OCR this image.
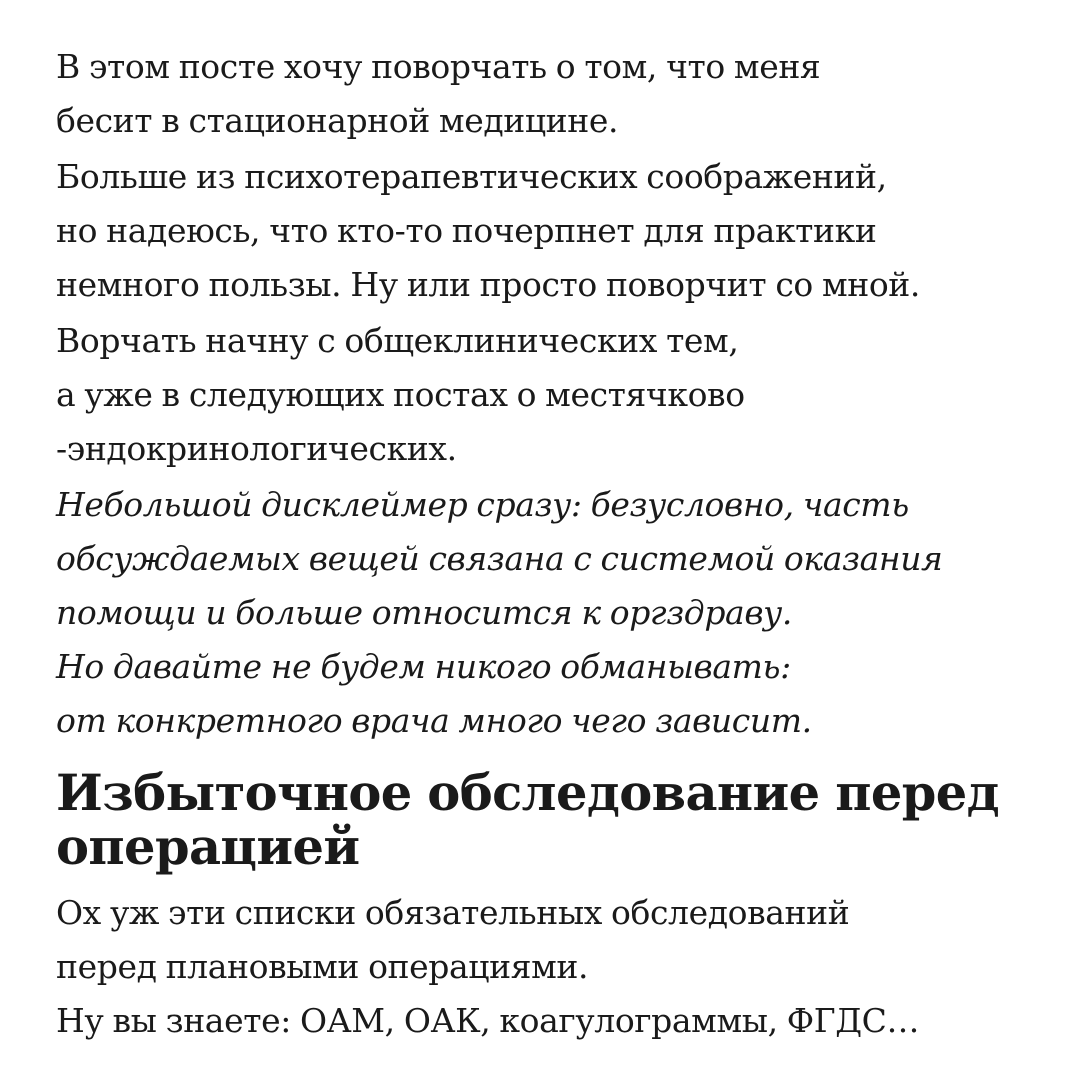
В этом посте хочу поворчать о том, что меня
бесит в стационарной медицине.

Больше из психотерапевтических соображений,
но надеюсь, что кто-то почерпнет для практики
немного пользы. Ну или просто поворчит со мной.

Ворчать начну с общеклинических тем,
а уже в следующих постах о местячково
-эндокринологических.

Небольшой дисклеймер сразу: безусловно, часть
обсуждаемых вещей связана с системой оказания
помощи и больше относится к оргздраву.
Но давайте не будем никого обманывать:
от конкретного врача много чего зависит.

Избыточное обследование перед операцией

Ох уж эти списки обязательных обследований
перед плановыми операциями.
Ну вы знаете: ОАМ, ОАК, коагулограммы, ФГДС…
